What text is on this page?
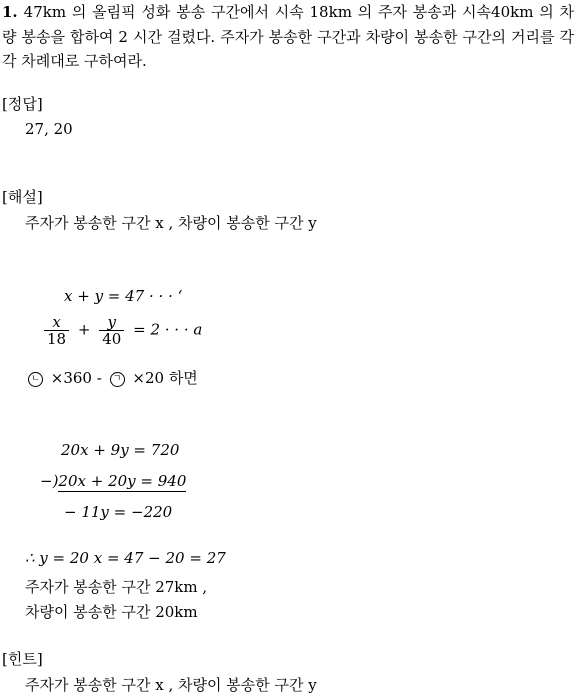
1. 47km 의 올림픽 성화 봉송 구간에서 시속 18km 의 주자 봉송과 시속40km 의 차량 봉송을 합하여 2 시간 걸렸다. 주자가 봉송한 구간과 차량이 봉송한 구간의 거리를 각각 차례대로 구하여라.
[정답]
27, 20
[해설]
주자가 봉송한 구간 x , 차량이 봉송한 구간 y
x + y = 47 · · · ‘
$\frac{x}{18} + \frac{y}{40} = 2$ · · · a
ㄴ ×360 - ㄱ ×20 하면
20x + 9y = 720
−)20x + 20y = 940
− 11y = −220
∴ y = 20 x = 47 − 20 = 27
주자가 봉송한 구간 27km ,
차량이 봉송한 구간 20km
[힌트]
주자가 봉송한 구간 x , 차량이 봉송한 구간 y
